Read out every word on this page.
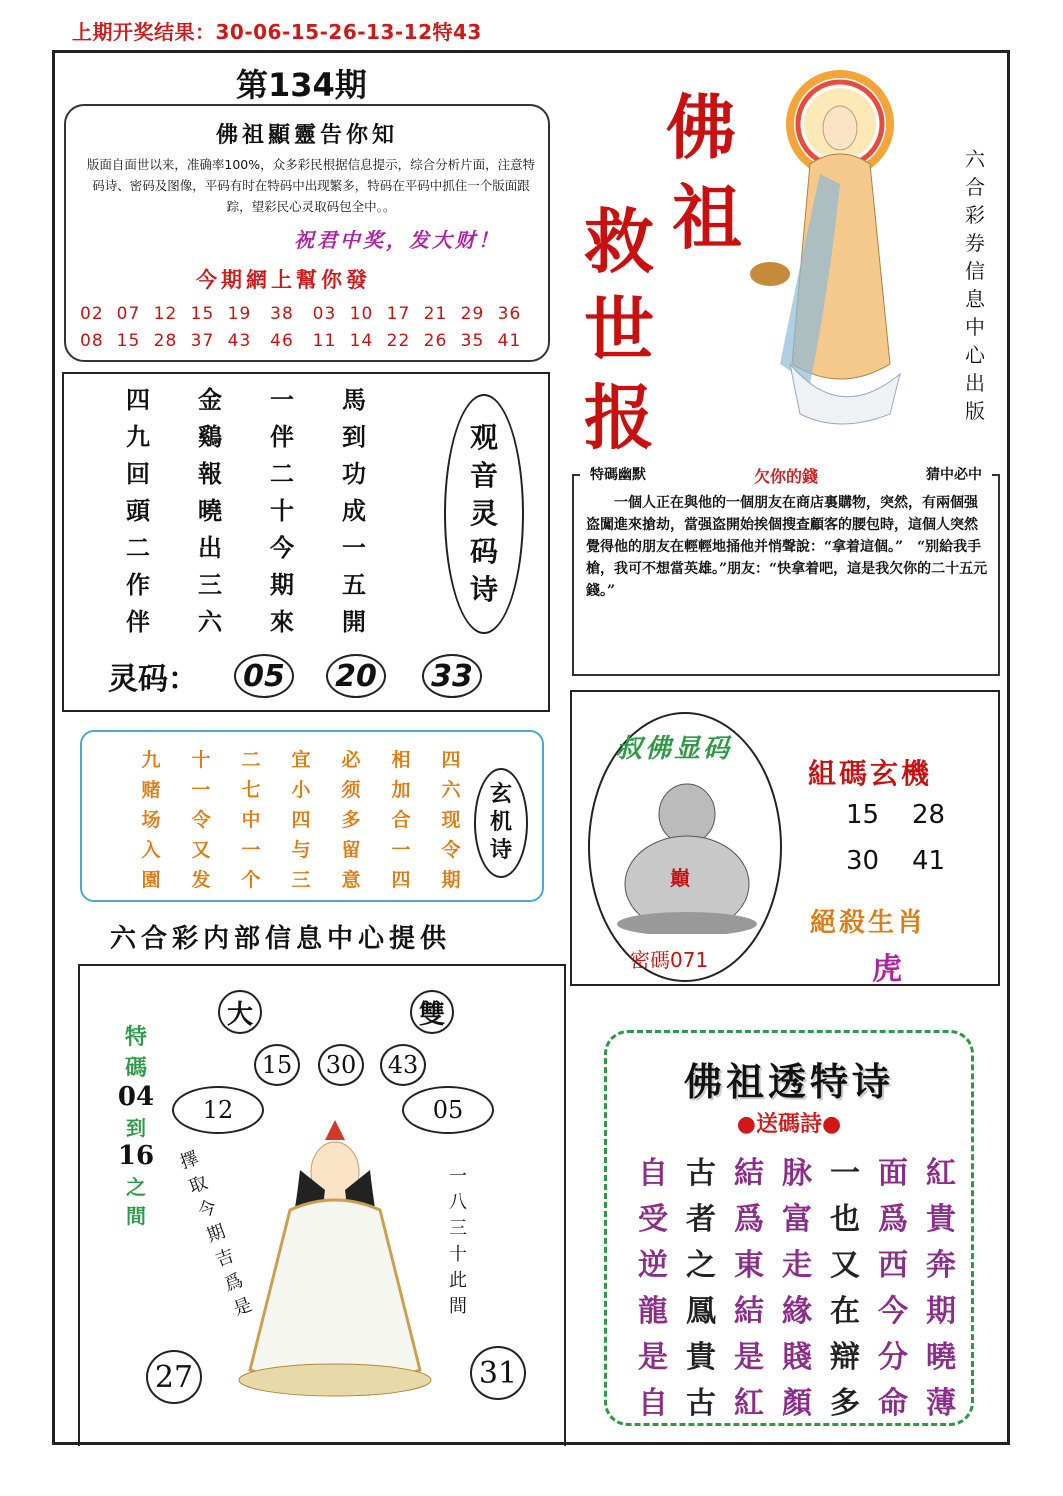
上期开奖结果：30-06-15-26-13-12特43
第134期
佛祖顯靈告你知
版面自面世以来，准确率100%，众多彩民根据信息提示，综合分析片面，注意特码诗、密码及图像，平码有时在特码中出现繁多，特码在平码中抓住一个版面跟踪，望彩民心灵取码包全中。。
祝君中奖，发大财！
今期網上幫你發
02 07 12 15 19 38 03 10 17 21 29 36
08 15 28 37 43 46 11 14 22 26 35 41
四	金	一	馬
九	鷄	伴	到
回	報	二	功
頭	曉	十	成
二	出	今	一
作	三	期	五
伴	六	來	開
观
音
灵
码
诗
灵码：	05	20	33
九	十	二	宜	必	相	四
赌	一	七	小	须	加	六
场	令	中	四	多	合	现
入	又	一	与	留	一	令
園	发	个	三	意	四	期
玄
机
诗
六合彩内部信息中心提供
佛
祖
救
世
报
六
合
彩
券
信
息
中
心
出
版
　　一個人正在與他的一個朋友在商店裏購物，突然，有兩個强盗闖進來搶劫，當强盗開始挨個搜查顧客的腰包時，這個人突然覺得他的朋友在輕輕地捅他并悄聲說：“拿着這個。”　“别給我手槍，我可不想當英雄。”朋友：“快拿着吧，這是我欠你的二十五元錢。”
特碼幽默	欠你的錢	猜中必中
叔佛显码
巔
密碼071
組碼玄機
15 28
30 41
絕殺生肖
虎
大	雙
15	30	43
12	05
特
碼
04
到
16
之
間
擇
取
今
期
吉
爲
是
一
八
三
十
此
間
27	31
佛祖透特诗
●送碼詩●
自 古 結 脉 一 面 紅
受 者 爲 富 也 爲 貴
逆 之 東 走 又 西 奔
龍 鳳 結 緣 在 今 期
是 貴 是 賤 辯 分 曉
自 古 紅 顏 多 命 薄
